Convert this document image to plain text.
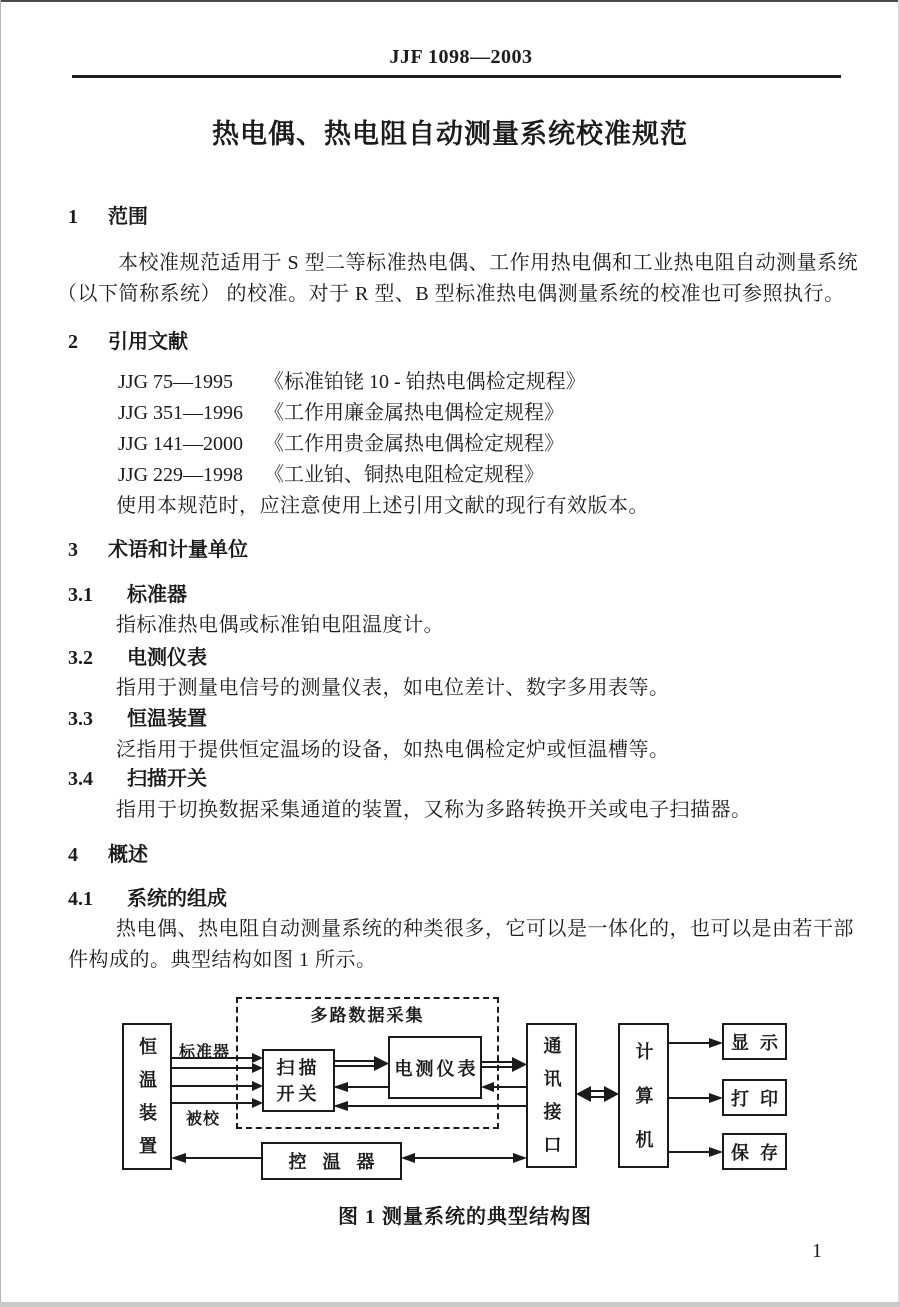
JJF 1098—2003
热电偶、热电阻自动测量系统校准规范
1 范围
本校准规范适用于 S 型二等标准热电偶、工作用热电偶和工业热电阻自动测量系统
（以下简称系统） 的校准。对于 R 型、B 型标准热电偶测量系统的校准也可参照执行。
2 引用文献
JJG 75—1995 《标准铂铑 10 - 铂热电偶检定规程》
JJG 351—1996 《工作用廉金属热电偶检定规程》
JJG 141—2000 《工作用贵金属热电偶检定规程》
JJG 229—1998 《工业铂、铜热电阻检定规程》
使用本规范时，应注意使用上述引用文献的现行有效版本。
3 术语和计量单位
3.1 标准器
指标准热电偶或标准铂电阻温度计。
3.2 电测仪表
指用于测量电信号的测量仪表，如电位差计、数字多用表等。
3.3 恒温装置
泛指用于提供恒定温场的设备，如热电偶检定炉或恒温槽等。
3.4 扫描开关
指用于切换数据采集通道的装置，又称为多路转换开关或电子扫描器。
4 概述
4.1 系统的组成
热电偶、热电阻自动测量系统的种类很多，它可以是一体化的，也可以是由若干部
件构成的。典型结构如图 1 所示。
多路数据采集
恒温装置	扫描开关
电测仪表	通讯接口	计算机	显示
打印
保存
控温器
标准器
被校
图 1 测量系统的典型结构图
1
